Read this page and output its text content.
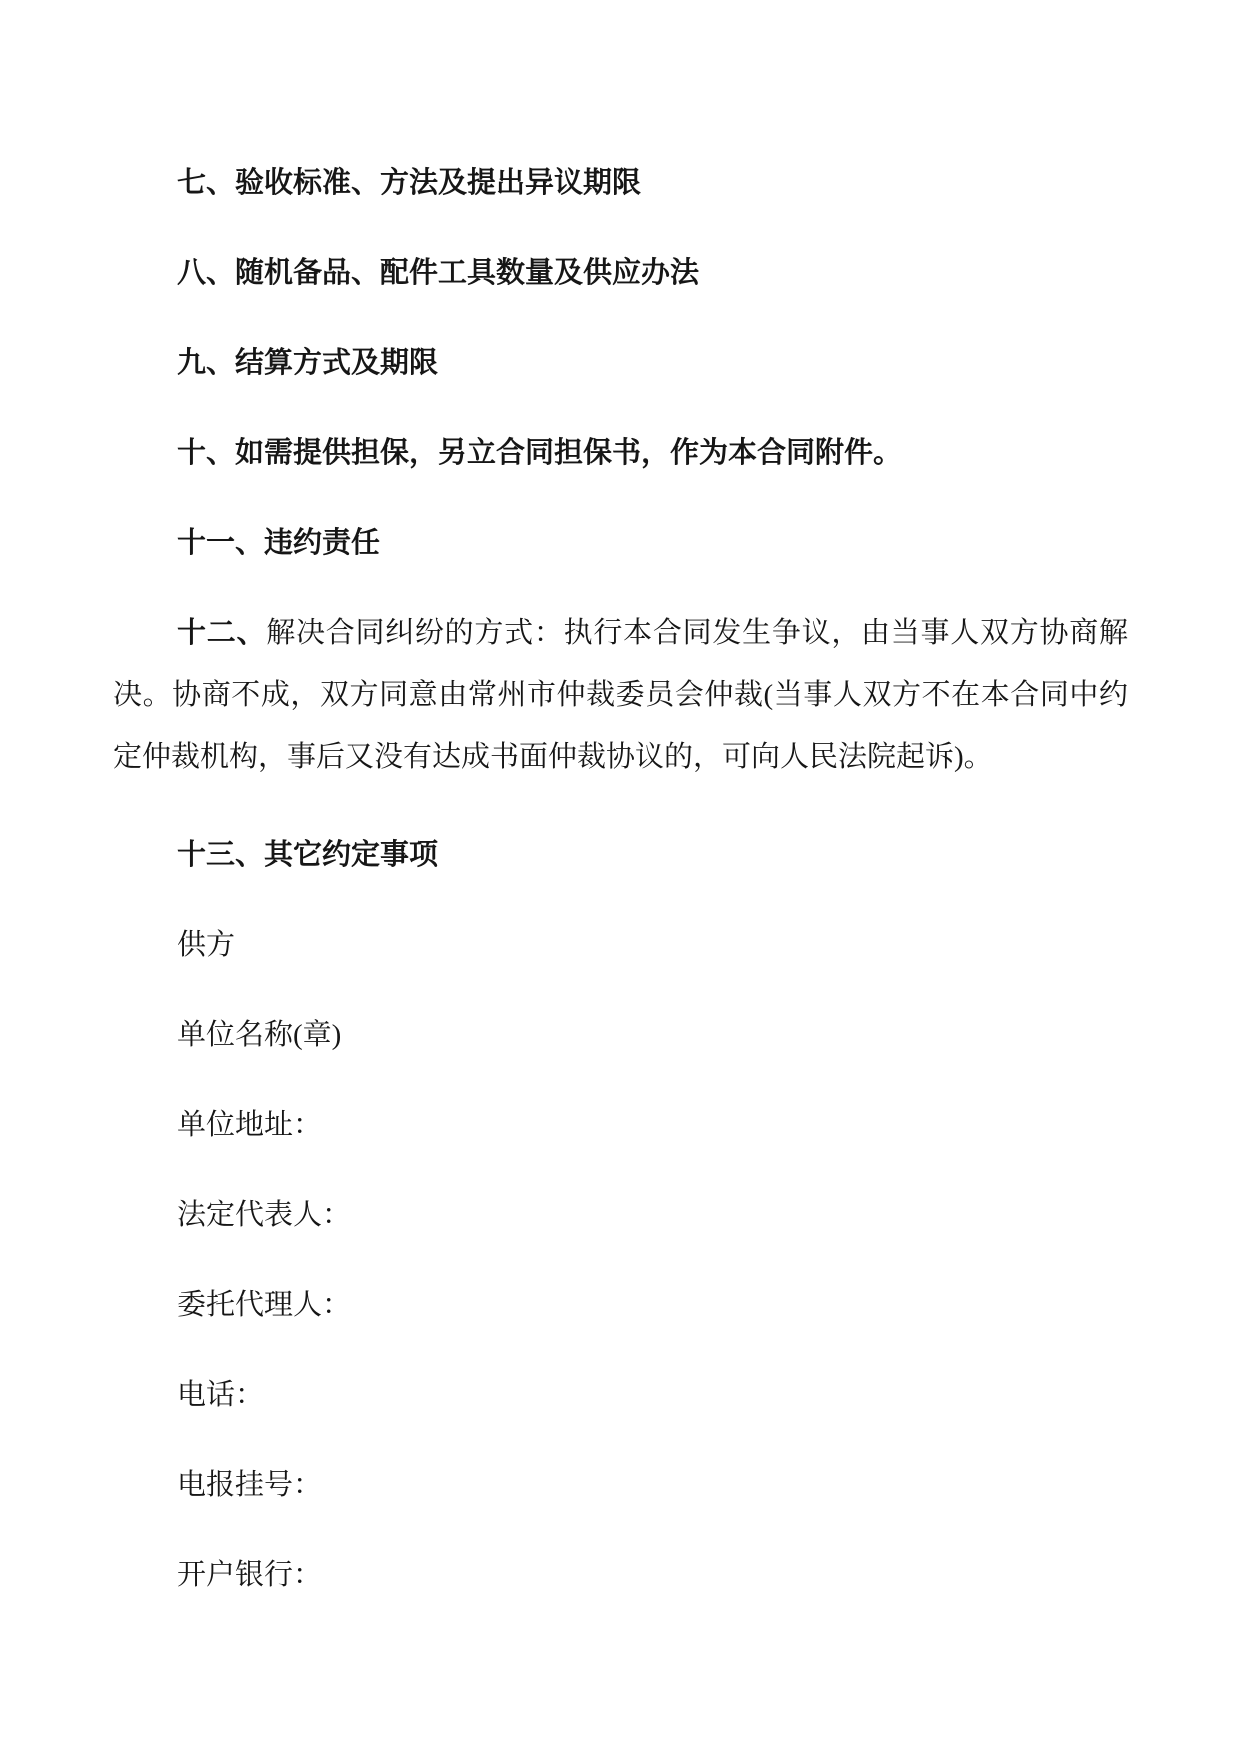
七、验收标准、方法及提出异议期限

八、随机备品、配件工具数量及供应办法

九、结算方式及期限

十、如需提供担保，另立合同担保书，作为本合同附件。

十一、违约责任

十二、解决合同纠纷的方式：执行本合同发生争议，由当事人双方协商解
决。协商不成，双方同意由常州市仲裁委员会仲裁(当事人双方不在本合同中约
定仲裁机构，事后又没有达成书面仲裁协议的，可向人民法院起诉)。

十三、其它约定事项

供方

单位名称(章)

单位地址：

法定代表人：

委托代理人：

电话：

电报挂号：

开户银行：
